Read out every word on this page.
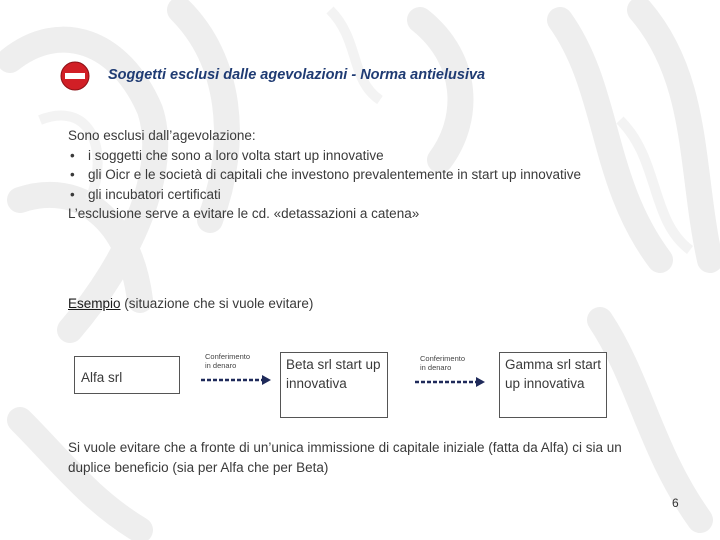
Soggetti esclusi dalle agevolazioni - Norma antielusiva

Sono esclusi dall’agevolazione:

• i soggetti che sono a loro volta start up innovative

• gli Oicr e le società di capitali che investono prevalentemente in start up innovative

• gli incubatori certificati

L’esclusione serve a evitare le cd. «detassazioni a catena»

Esempio (situazione che si vuole evitare)
Alfa srl
Conferimento
in denaro	Beta srl start up innovativa
Conferimento
in denaro	Gamma srl start up innovativa
Si vuole evitare che a fronte di un’unica immissione di capitale iniziale (fatta da Alfa) ci sia un duplice beneficio (sia per Alfa che per Beta)
6
